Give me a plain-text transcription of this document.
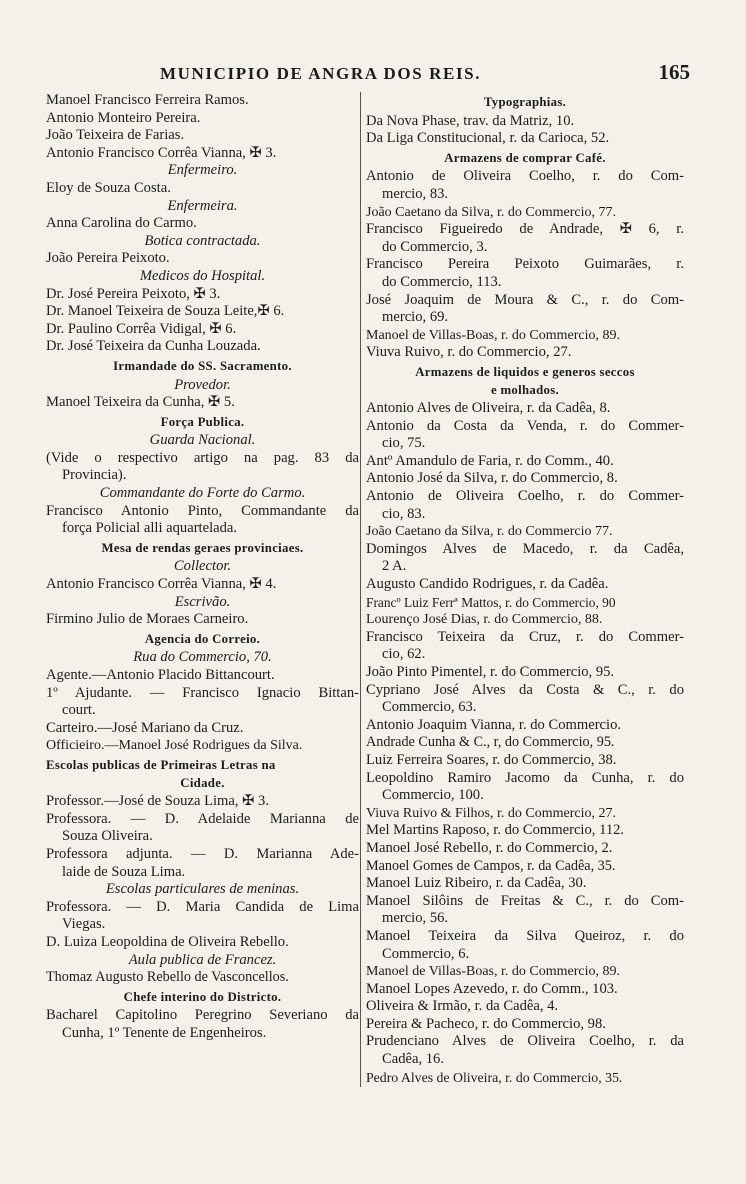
MUNICIPIO DE ANGRA DOS REIS.	165
Manoel Francisco Ferreira Ramos.
Antonio Monteiro Pereira.
João Teixeira de Farias.
Antonio Francisco Corrêa Vianna, ✠ 3.
Enfermeiro.
Eloy de Souza Costa.
Enfermeira.
Anna Carolina do Carmo.
Botica contractada.
João Pereira Peixoto.
Medicos do Hospital.
Dr. José Pereira Peixoto, ✠ 3.
Dr. Manoel Teixeira de Souza Leite,✠ 6.
Dr. Paulino Corrêa Vidigal, ✠ 6.
Dr. José Teixeira da Cunha Louzada.
Irmandade do SS. Sacramento.
Provedor.
Manoel Teixeira da Cunha, ✠ 5.
Força Publica.
Guarda Nacional.
(Vide o respectivo artigo na pag. 83 da
Provincia).
Commandante do Forte do Carmo.
Francisco Antonio Pinto, Commandante da
força Policial alli aquartelada.
Mesa de rendas geraes provinciaes.
Collector.
Antonio Francisco Corrêa Vianna, ✠ 4.
Escrivão.
Firmino Julio de Moraes Carneiro.
Agencia do Correio.
Rua do Commercio, 70.
Agente.—Antonio Placido Bittancourt.
1º Ajudante. — Francisco Ignacio Bittan-
court.
Carteiro.—José Mariano da Cruz.
Officieiro.—Manoel José Rodrigues da Silva.
Escolas publicas de Primeiras Letras na
Cidade.
Professor.—José de Souza Lima, ✠ 3.
Professora. — D. Adelaide Marianna de
Souza Oliveira.
Professora adjunta. — D. Marianna Ade-
laide de Souza Lima.
Escolas particulares de meninas.
Professora. — D. Maria Candida de Lima
Viegas.
D. Luiza Leopoldina de Oliveira Rebello.
Aula publica de Francez.
Thomaz Augusto Rebello de Vasconcellos.
Chefe interino do Districto.
Bacharel Capitolino Peregrino Severiano da
Cunha, 1º Tenente de Engenheiros.
Typographias.
Da Nova Phase, trav. da Matriz, 10.
Da Liga Constitucional, r. da Carioca, 52.
Armazens de comprar Café.
Antonio de Oliveira Coelho, r. do Com-
mercio, 83.
João Caetano da Silva, r. do Commercio, 77.
Francisco Figueiredo de Andrade, ✠ 6, r.
do Commercio, 3.
Francisco Pereira Peixoto Guimarães, r.
do Commercio, 113.
José Joaquim de Moura & C., r. do Com-
mercio, 69.
Manoel de Villas-Boas, r. do Commercio, 89.
Viuva Ruivo, r. do Commercio, 27.
Armazens de liquidos e generos seccos
e molhados.
Antonio Alves de Oliveira, r. da Cadêa, 8.
Antonio da Costa da Venda, r. do Commer-
cio, 75.
Antº Amandulo de Faria, r. do Comm., 40.
Antonio José da Silva, r. do Commercio, 8.
Antonio de Oliveira Coelho, r. do Commer-
cio, 83.
João Caetano da Silva, r. do Commercio 77.
Domingos Alves de Macedo, r. da Cadêa,
2 A.
Augusto Candido Rodrigues, r. da Cadêa.
Francº Luiz Ferrª Mattos, r. do Commercio, 90
Lourenço José Dias, r. do Commercio, 88.
Francisco Teixeira da Cruz, r. do Commer-
cio, 62.
João Pinto Pimentel, r. do Commercio, 95.
Cypriano José Alves da Costa & C., r. do
Commercio, 63.
Antonio Joaquim Vianna, r. do Commercio.
Andrade Cunha & C., r, do Commercio, 95.
Luiz Ferreira Soares, r. do Commercio, 38.
Leopoldino Ramiro Jacomo da Cunha, r. do
Commercio, 100.
Viuva Ruivo & Filhos, r. do Commercio, 27.
Mel Martins Raposo, r. do Commercio, 112.
Manoel José Rebello, r. do Commercio, 2.
Manoel Gomes de Campos, r. da Cadêa, 35.
Manoel Luiz Ribeiro, r. da Cadêa, 30.
Manoel Silôins de Freitas & C., r. do Com-
mercio, 56.
Manoel Teixeira da Silva Queiroz, r. do
Commercio, 6.
Manoel de Villas-Boas, r. do Commercio, 89.
Manoel Lopes Azevedo, r. do Comm., 103.
Oliveira & Irmão, r. da Cadêa, 4.
Pereira & Pacheco, r. do Commercio, 98.
Prudenciano Alves de Oliveira Coelho, r. da
Cadêa, 16.
Pedro Alves de Oliveira, r. do Commercio, 35.
